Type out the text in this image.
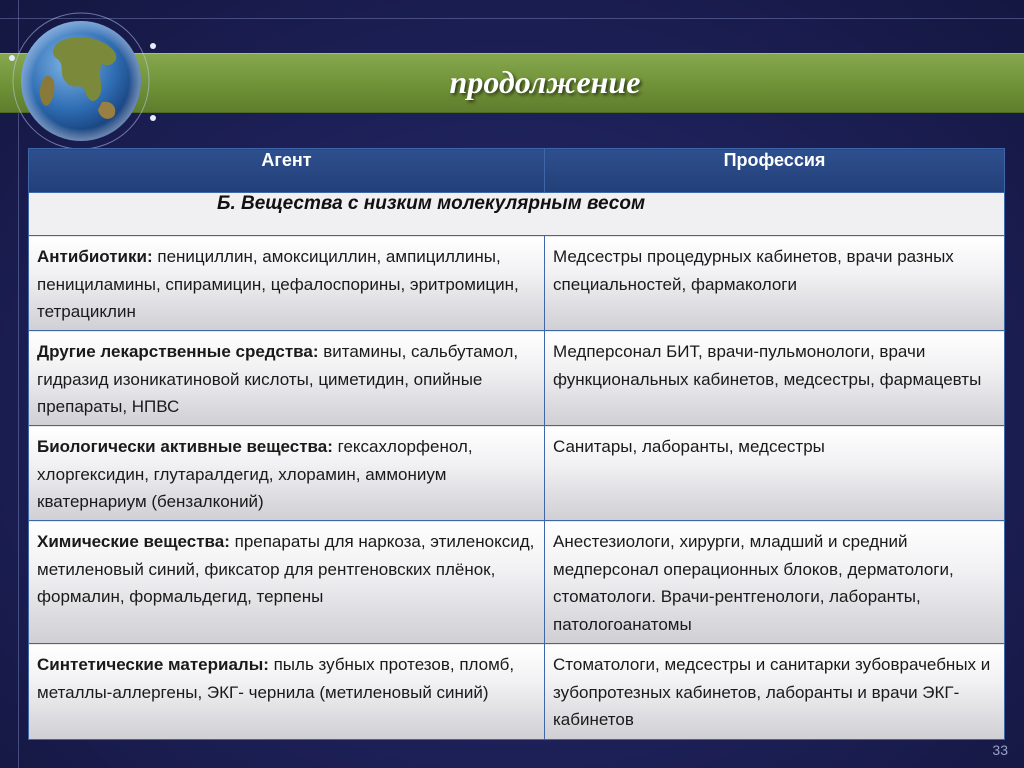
продолжение
Агент	Профессия
Б. Вещества с низким молекулярным весом	
Антибиотики: пенициллин, амоксициллин, ампициллины, пенициламины, спирамицин, цефалоспорины, эритромицин, тетрациклин	Медсестры процедурных кабинетов, врачи разных специальностей, фармакологи
Другие лекарственные средства: витамины, сальбутамол, гидразид изоникатиновой кислоты, циметидин, опийные препараты, НПВС	Медперсонал БИТ, врачи-пульмонологи, врачи функциональных кабинетов, медсестры, фармацевты
Биологически активные вещества: гексахлорфенол, хлоргексидин, глутаралдегид, хлорамин, аммониум кватернариум (бензалконий)	Санитары, лаборанты, медсестры
Химические вещества: препараты для наркоза, этиленоксид, метиленовый синий, фиксатор для рентгеновских плёнок, формалин, формальдегид, терпены	Анестезиологи, хирурги, младший и средний медперсонал операционных блоков, дерматологи, стоматологи. Врачи-рентгенологи, лаборанты, патологоанатомы
Синтетические материалы: пыль зубных протезов, пломб, металлы-аллергены, ЭКГ- чернила (метиленовый синий)	Стоматологи, медсестры и санитарки зубоврачебных и зубопротезных кабинетов, лаборанты и врачи ЭКГ-кабинетов
33
